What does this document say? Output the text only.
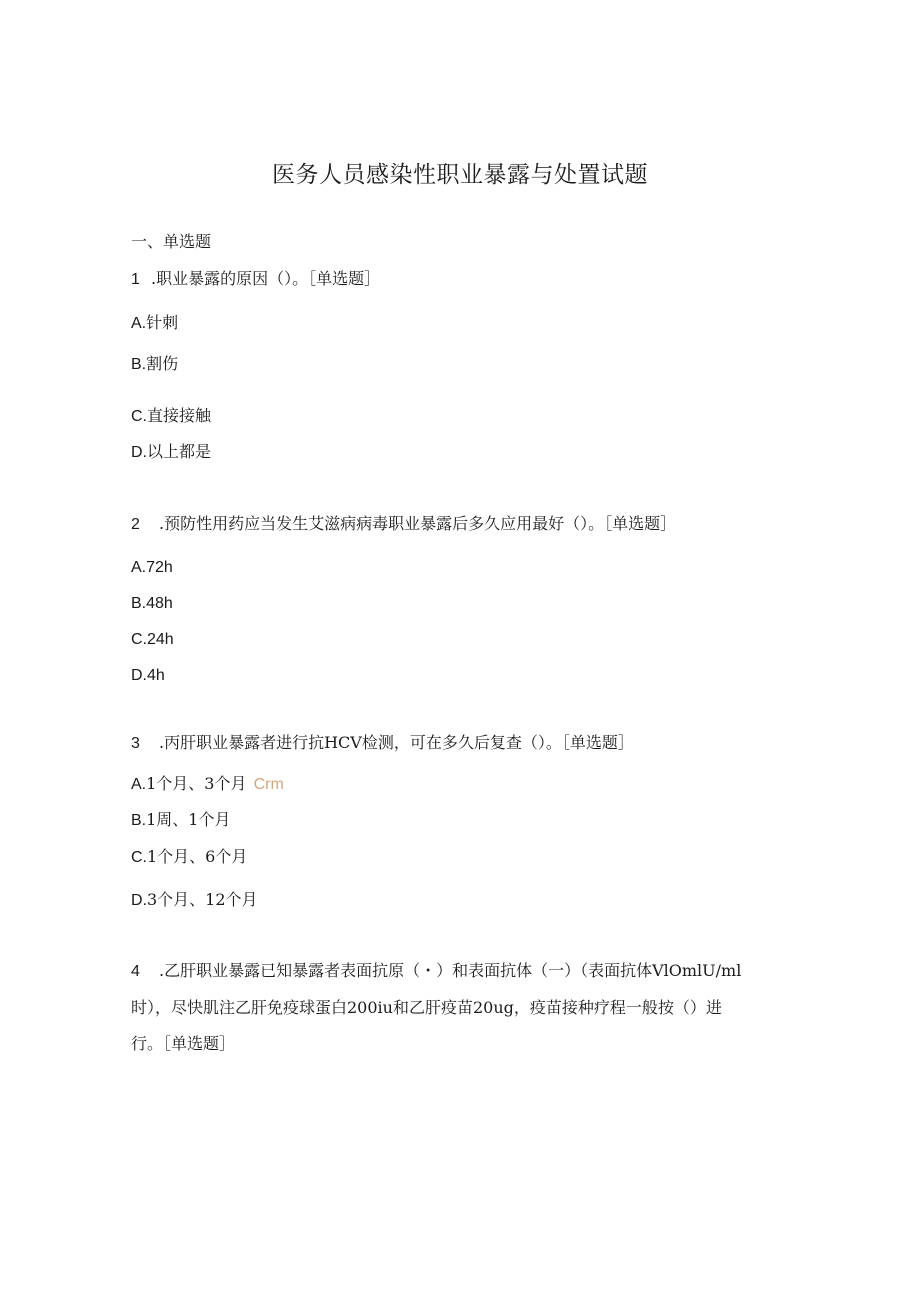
医务人员感染性职业暴露与处置试题
一、单选题
1 .职业暴露的原因（）。［单选题］
A.针刺
B.割伤
C.直接接触
D.以上都是
2 .预防性用药应当发生艾滋病病毒职业暴露后多久应用最好（）。［单选题］
A.72h
B.48h
C.24h
D.4h
3 .丙肝职业暴露者进行抗HCV检测，可在多久后复查（）。［单选题］
A.1个月、3个月 Crm
B.1周、1个月
C.1个月、6个月
D.3个月、12个月
4 .乙肝职业暴露已知暴露者表面抗原（・）和表面抗体（一）（表面抗体VlOmlU/ml
时），尽快肌注乙肝免疫球蛋白200iu和乙肝疫苗20ug，疫苗接种疗程一般按（）进
行。［单选题］
